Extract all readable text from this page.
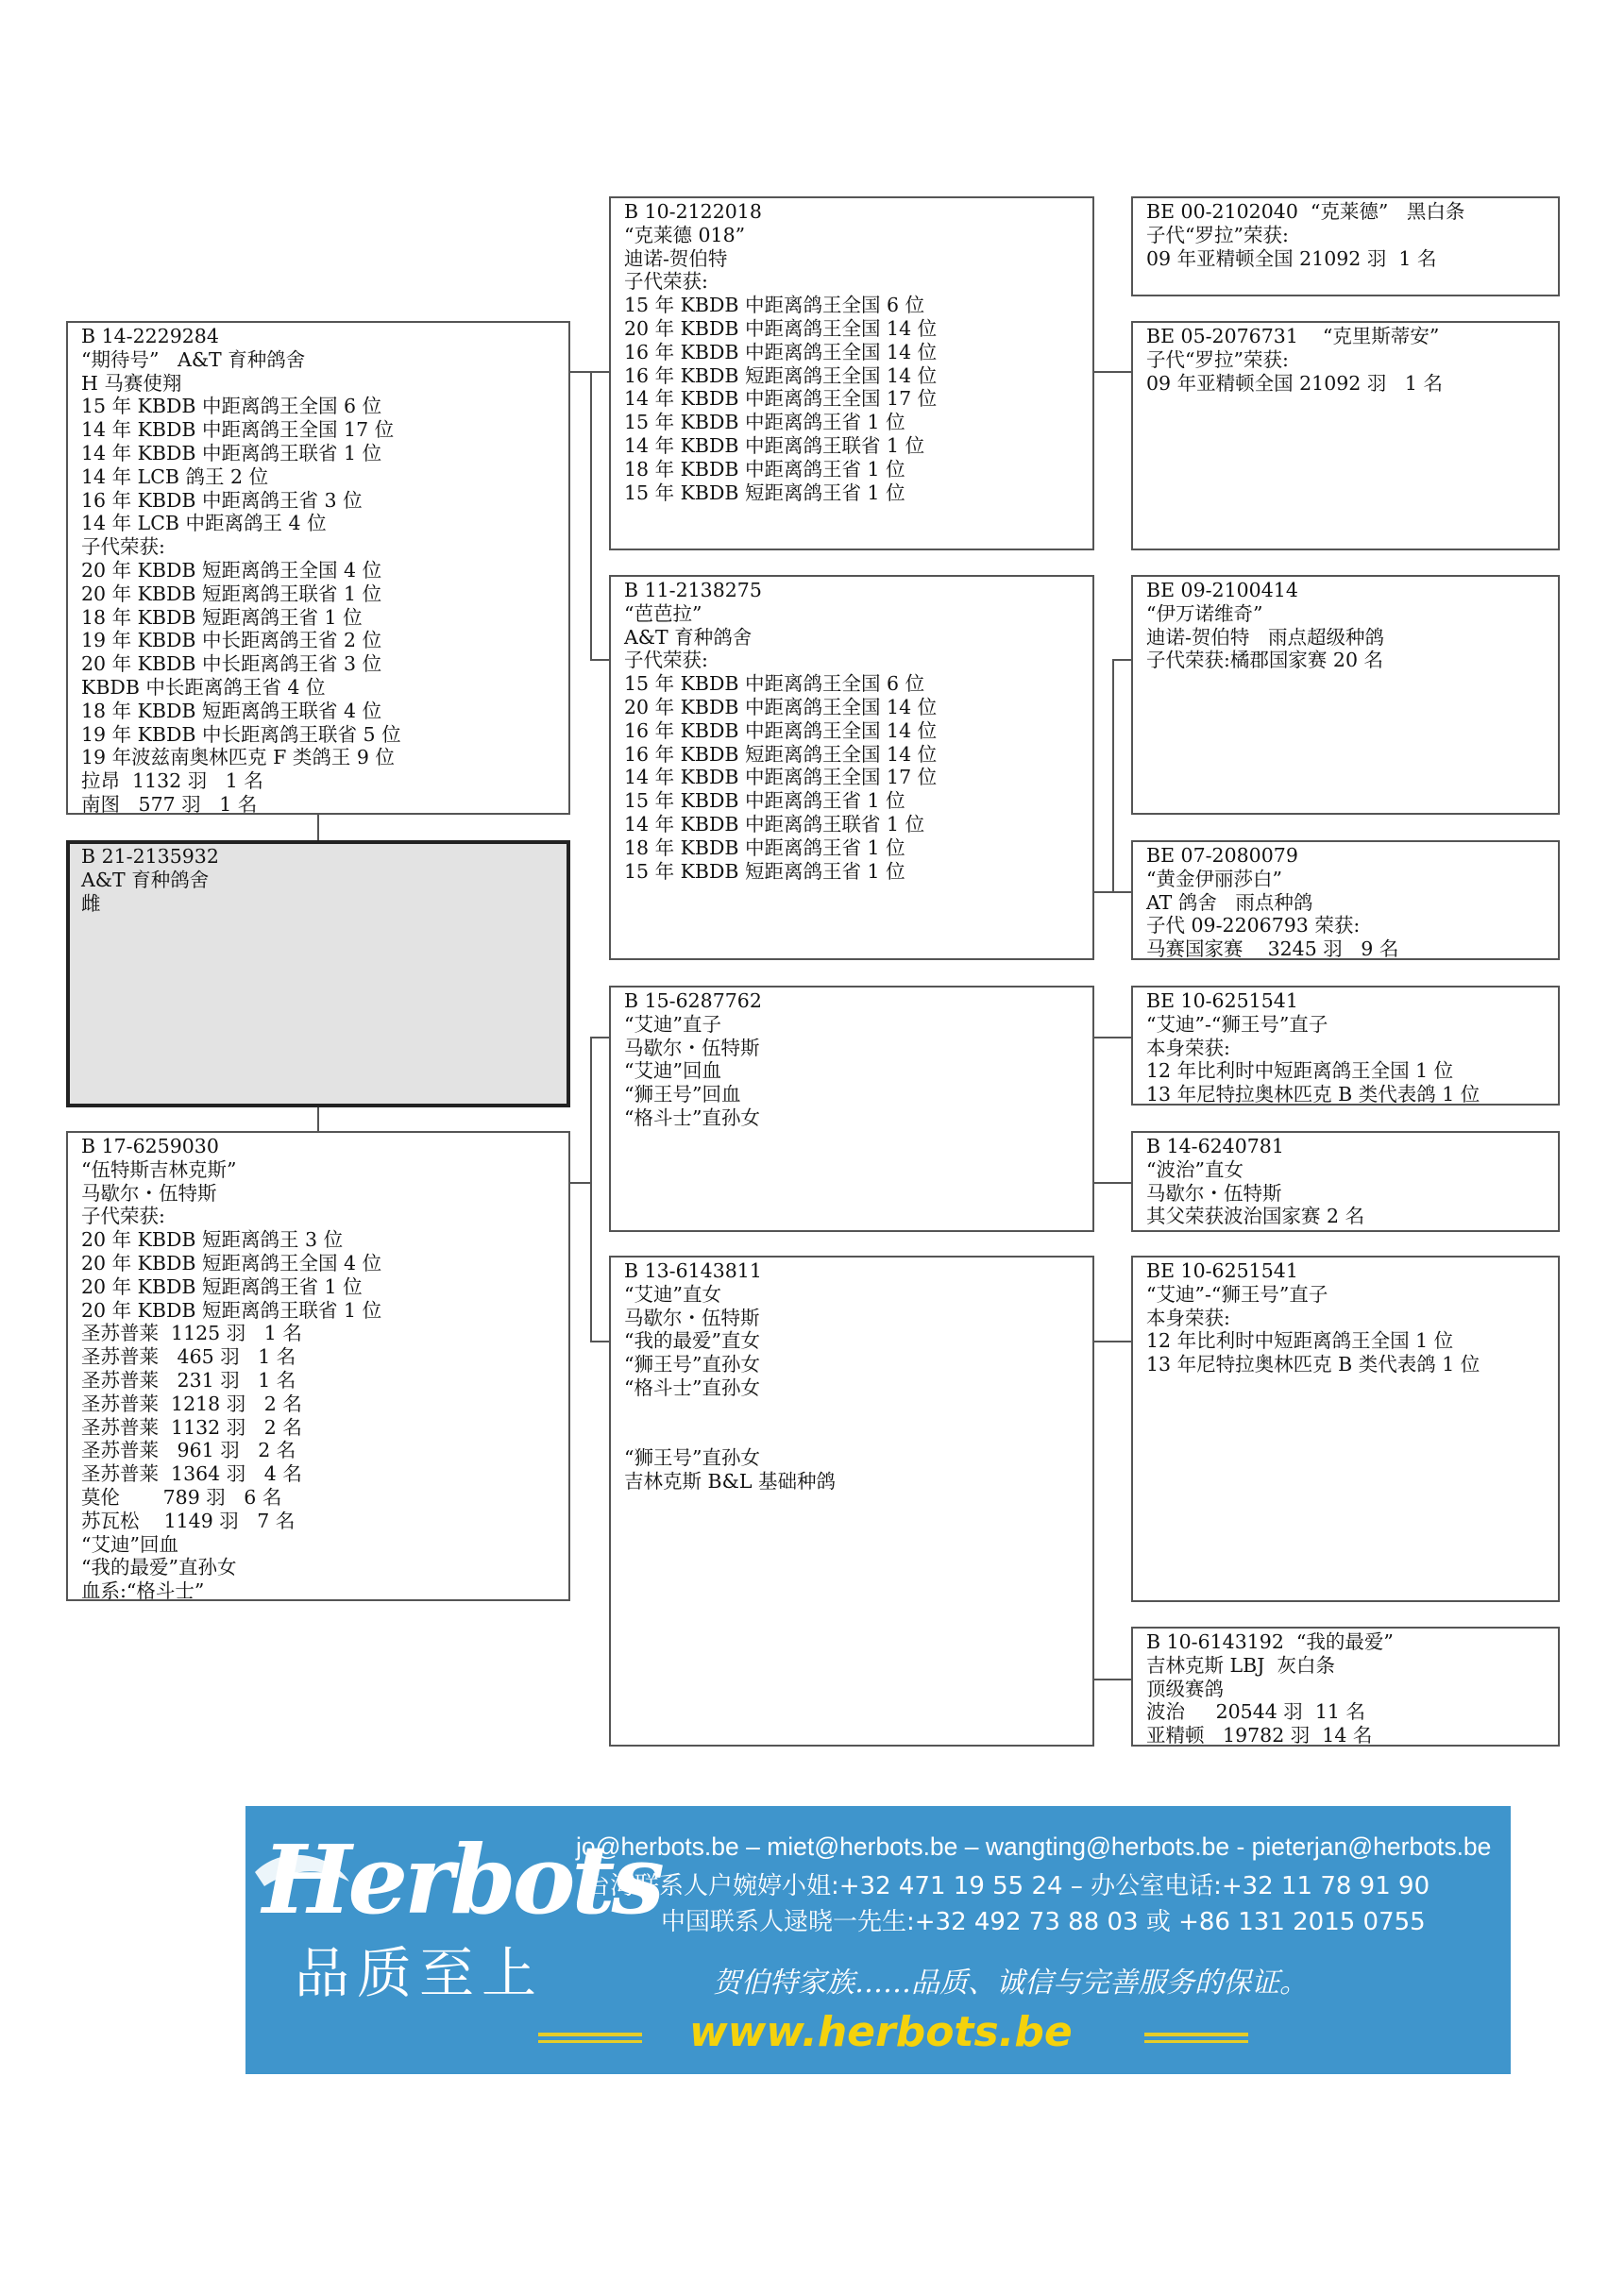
B 14-2229284
“期待号”   A&T 育种鸽舍
H 马赛使翔
15 年 KBDB 中距离鸽王全国 6 位
14 年 KBDB 中距离鸽王全国 17 位
14 年 KBDB 中距离鸽王联省 1 位
14 年 LCB 鸽王 2 位
16 年 KBDB 中距离鸽王省 3 位
14 年 LCB 中距离鸽王 4 位
子代荣获:
20 年 KBDB 短距离鸽王全国 4 位
20 年 KBDB 短距离鸽王联省 1 位
18 年 KBDB 短距离鸽王省 1 位
19 年 KBDB 中长距离鸽王省 2 位
20 年 KBDB 中长距离鸽王省 3 位
KBDB 中长距离鸽王省 4 位
18 年 KBDB 短距离鸽王联省 4 位
19 年 KBDB 中长距离鸽王联省 5 位
19 年波兹南奥林匹克 F 类鸽王 9 位
拉昂  1132 羽   1 名
南图   577 羽   1 名
B 21-2135932
A&T 育种鸽舍
雌
B 17-6259030
“伍特斯吉林克斯”
马歇尔・伍特斯
子代荣获:
20 年 KBDB 短距离鸽王 3 位
20 年 KBDB 短距离鸽王全国 4 位
20 年 KBDB 短距离鸽王省 1 位
20 年 KBDB 短距离鸽王联省 1 位
圣苏普莱  1125 羽   1 名
圣苏普莱   465 羽   1 名
圣苏普莱   231 羽   1 名
圣苏普莱  1218 羽   2 名
圣苏普莱  1132 羽   2 名
圣苏普莱   961 羽   2 名
圣苏普莱  1364 羽   4 名
莫伦       789 羽   6 名
苏瓦松    1149 羽   7 名
“艾迪”回血
“我的最爱”直孙女
血系:“格斗士”
B 10-2122018
“克莱德 018”
迪诺-贺伯特
子代荣获:
15 年 KBDB 中距离鸽王全国 6 位
20 年 KBDB 中距离鸽王全国 14 位
16 年 KBDB 中距离鸽王全国 14 位
16 年 KBDB 短距离鸽王全国 14 位
14 年 KBDB 中距离鸽王全国 17 位
15 年 KBDB 中距离鸽王省 1 位
14 年 KBDB 中距离鸽王联省 1 位
18 年 KBDB 中距离鸽王省 1 位
15 年 KBDB 短距离鸽王省 1 位
B 11-2138275
“芭芭拉”
A&T 育种鸽舍
子代荣获:
15 年 KBDB 中距离鸽王全国 6 位
20 年 KBDB 中距离鸽王全国 14 位
16 年 KBDB 中距离鸽王全国 14 位
16 年 KBDB 短距离鸽王全国 14 位
14 年 KBDB 中距离鸽王全国 17 位
15 年 KBDB 中距离鸽王省 1 位
14 年 KBDB 中距离鸽王联省 1 位
18 年 KBDB 中距离鸽王省 1 位
15 年 KBDB 短距离鸽王省 1 位
B 15-6287762
“艾迪”直子
马歇尔・伍特斯
“艾迪”回血
“狮王号”回血
“格斗士”直孙女
B 13-6143811
“艾迪”直女
马歇尔・伍特斯
“我的最爱”直女
“狮王号”直孙女
“格斗士”直孙女
“狮王号”直孙女
吉林克斯 B&L 基础种鸽
BE 00-2102040  “克莱德”   黑白条
子代“罗拉”荣获:
09 年亚精顿全国 21092 羽  1 名
BE 05-2076731    “克里斯蒂安”
子代“罗拉”荣获:
09 年亚精顿全国 21092 羽   1 名
BE 09-2100414
“伊万诺维奇”
迪诺-贺伯特   雨点超级种鸽
子代荣获:橘郡国家赛 20 名
BE 07-2080079
“黄金伊丽莎白”
AT 鸽舍   雨点种鸽
子代 09-2206793 荣获:
马赛国家赛    3245 羽   9 名
BE 10-6251541
“艾迪”-“狮王号”直子
本身荣获:
12 年比利时中短距离鸽王全国 1 位
13 年尼特拉奥林匹克 B 类代表鸽 1 位
B 14-6240781
“波治”直女
马歇尔・伍特斯
其父荣获波治国家赛 2 名
BE 10-6251541
“艾迪”-“狮王号”直子
本身荣获:
12 年比利时中短距离鸽王全国 1 位
13 年尼特拉奥林匹克 B 类代表鸽 1 位
B 10-6143192  “我的最爱”
吉林克斯 LBJ  灰白条
顶级赛鸽
波治     20544 羽  11 名
亚精顿   19782 羽  14 名
Herbots
品质至上
jo@herbots.be – miet@herbots.be – wangting@herbots.be - pieterjan@herbots.be
台湾联系人户婉婷小姐:+32 471 19 55 24 – 办公室电话:+32 11 78 91 90
中国联系人逯晓一先生:+32 492 73 88 03 或 +86 131 2015 0755
贺伯特家族……品质、诚信与完善服务的保证。
www.herbots.be
